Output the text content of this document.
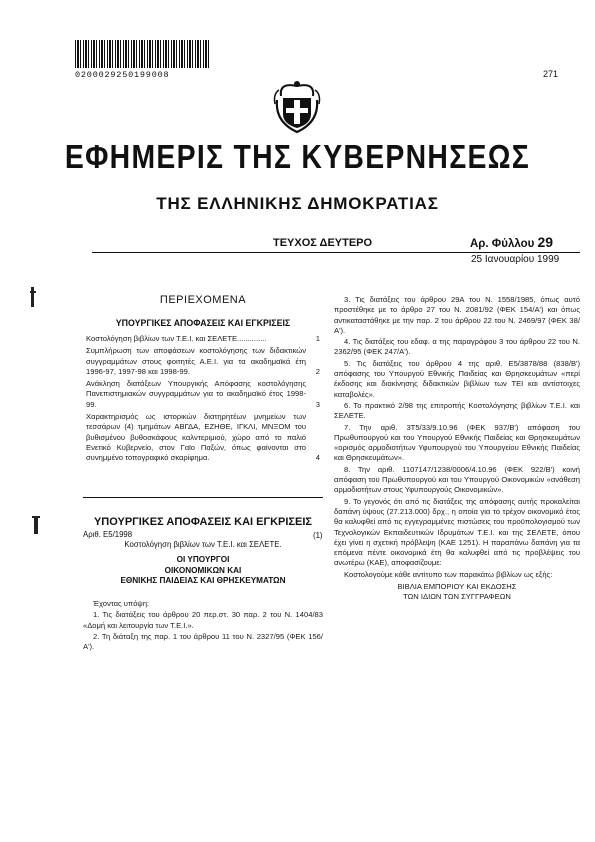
0200029250199008	271
ΕΦΗΜΕΡΙΣ ΤΗΣ ΚΥΒΕΡΝΗΣΕΩΣ
ΤΗΣ ΕΛΛΗΝΙΚΗΣ ΔΗΜΟΚΡΑΤΙΑΣ
ΤΕΥΧΟΣ ΔΕΥΤΕΡΟ	Αρ. Φύλλου 29
25 Ιανουαρίου 1999
ΠΕΡΙΕΧΟΜΕΝΑ
ΥΠΟΥΡΓΙΚΕΣ ΑΠΟΦΑΣΕΙΣ ΚΑΙ ΕΓΚΡΙΣΕΙΣ
Κοστολόγηση βιβλίων των Τ.Ε.Ι. και ΣΕΛΕΤΕ..............	1
Συμπλήρωση των αποφάσεων κοστολόγησης των διδακτικών συγγραμμάτων στους φοιτητές Α.Ε.Ι. για τα ακαδημαϊκά έτη 1996-97, 1997-98 και 1998-99.	2
Ανάκληση διατάξεων Υπουργικής Απόφασης κοστολόγησης Πανεπιστημιακών συγγραμμάτων για το ακαδημαϊκό έτος 1998-99.	3
Χαρακτηρισμός ως ιστορικών διατηρητέων μνημείων των τεσσάρων (4) τμημάτων ΑΒΓΔΑ, ΕΖΗΘΕ, ΙΓΚΛΙ, ΜΝΞΟΜ του βυθισμένου βυθοσκάφους καλντεριμιού, χώρο από το παλιό Ενετικό Κυβερνείο, στον Γαϊο Παξών, όπως φαίνονται στο συνημμένο τοπογραφικό σκαρίφημα.	4
ΥΠΟΥΡΓΙΚΕΣ ΑΠΟΦΑΣΕΙΣ ΚΑΙ ΕΓΚΡΙΣΕΙΣ
Αριθ. Ε5/1998	(1)
Κοστολόγηση βιβλίων των Τ.Ε.Ι. και ΣΕΛΕΤΕ.
ΟΙ ΥΠΟΥΡΓΟΙ
ΟΙΚΟΝΟΜΙΚΩΝ ΚΑΙ
ΕΘΝΙΚΗΣ ΠΑΙΔΕΙΑΣ ΚΑΙ ΘΡΗΣΚΕΥΜΑΤΩΝ

Έχοντας υπόψη:

1. Τις διατάξεις του άρθρου 20 περ.στ. 30 παρ. 2 του Ν. 1404/83 «Δομή και λειτουργία των Τ.Ε.Ι.».

2. Τη διάταξη της παρ. 1 του άρθρου 11 του Ν. 2327/95 (ΦΕΚ 156/Α').

3. Τις διατάξεις του άρθρου 29Α του Ν. 1558/1985, όπως αυτό προστέθηκε με το άρθρο 27 του Ν. 2081/92 (ΦΕΚ 154/Α') και όπως αντικαταστάθηκε με την παρ. 2 του άρθρου 22 του Ν. 2469/97 (ΦΕΚ 38/Α').

4. Τις διατάξεις του εδαφ. α της παραγράφου 3 του άρθρου 22 του Ν. 2362/95 (ΦΕΚ 247/Α').

5. Τις διατάξεις του άρθρου 4 της αριθ. Ε5/3878/88 (838/Β') απόφασης του Υπουργού Εθνικής Παιδείας και Θρησκευμάτων «περί έκδοσης και διακίνησης διδακτικών βιβλίων των ΤΕΙ και αντίστοιχες καταβολές».

6. Το πρακτικό 2/98 της επιτροπής Κοστολόγησης βιβλίων Τ.Ε.Ι. και ΣΕΛΕΤΕ.

7. Την αριθ. 3Τ5/33/9.10.96 (ΦΕΚ 937/Β') απόφαση του Πρωθυπουργού και του Υπουργού Εθνικής Παιδείας και Θρησκευμάτων «ορισμός αρμοδιοτήτων Υφυπουργού του Υπουργείου Εθνικής Παιδείας και Θρησκευμάτων».

8. Την αριθ. 1107147/1238/0006/4.10.96 (ΦΕΚ 922/Β') κοινή απόφαση του Πρωθυπουργού και του Υπουργού Οικονομικών «ανάθεση αρμοδιοτήτων στους Υφυπουργούς Οικονομικών».

9. Το γεγονός ότι από τις διατάξεις της απόφασης αυτής προκαλείται δαπάνη ύψους (27.213.000) δρχ., η οποία για το τρέχον οικονομικό έτος θα καλυφθεί από τις εγγεγραμμένες πιστώσεις του προϋπολογισμού των Τεχνολογικών Εκπαιδευτικών Ιδρυμάτων Τ.Ε.Ι. και της ΣΕΛΕΤΕ, όπου έχει γίνει η σχετική πρόβλεψη (ΚΑΕ 1251). Η παραπάνω δαπάνη για τα επόμενα πέντε οικονομικά έτη θα καλυφθεί από τις προβλέψεις του ανωτέρω (ΚΑΕ), αποφασίζουμε:

Κοστολογούμε κάθε αντίτυπο των παρακάτω βιβλίων ως εξής:

ΒΙΒΛΙΑ ΕΜΠΟΡΙΟΥ ΚΑΙ ΕΚΔΟΣΗΣ
ΤΩΝ ΙΔΙΩΝ ΤΩΝ ΣΥΓΓΡΑΦΕΩΝ
